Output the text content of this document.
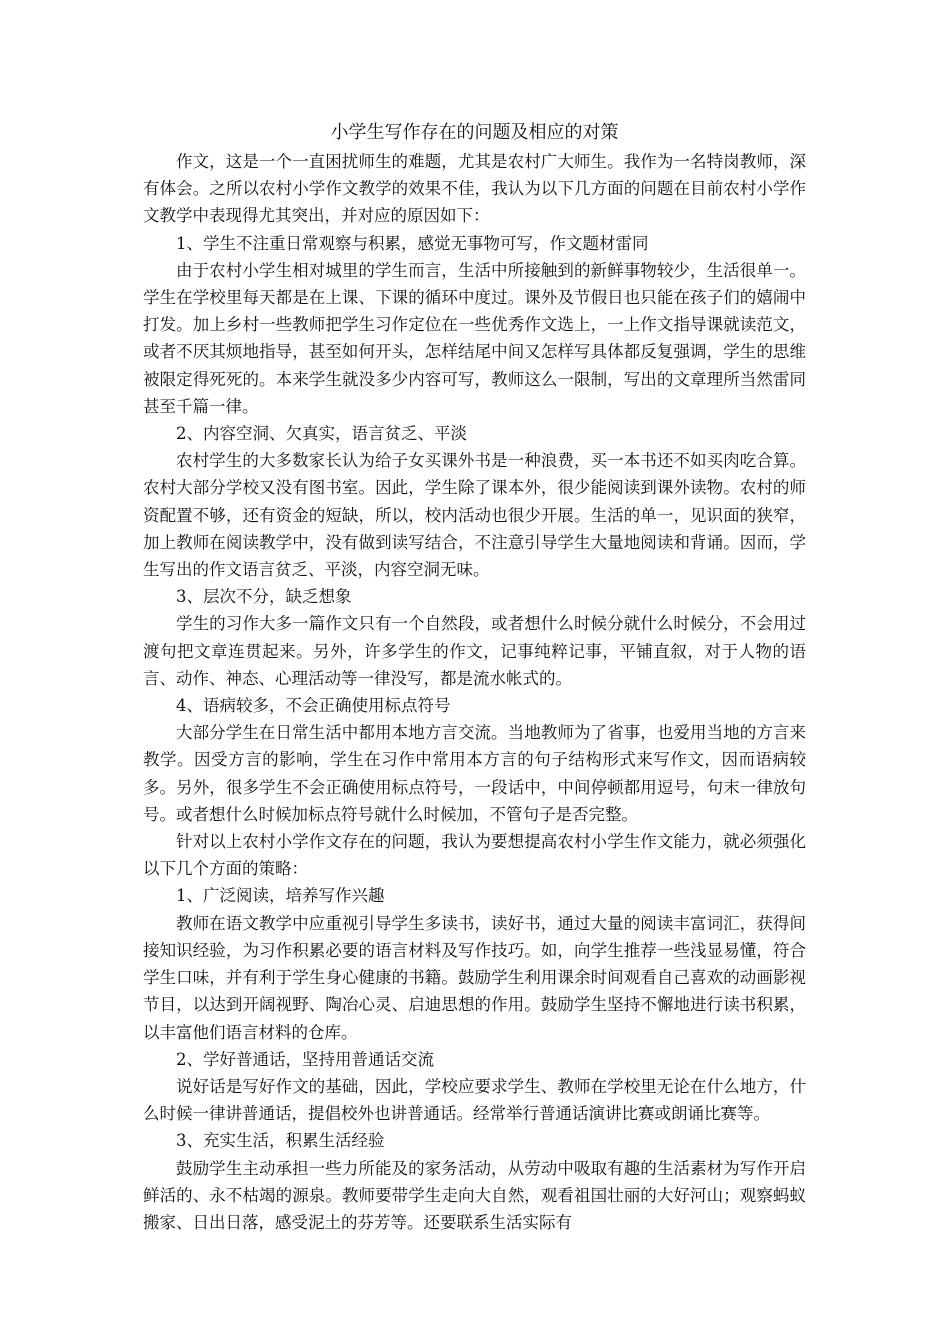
小学生写作存在的问题及相应的对策

作文，这是一个一直困扰师生的难题，尤其是农村广大师生。我作为一名特岗教师，深有体会。之所以农村小学作文教学的效果不佳，我认为以下几方面的问题在目前农村小学作文教学中表现得尤其突出，并对应的原因如下：

1、学生不注重日常观察与积累，感觉无事物可写，作文题材雷同

由于农村小学生相对城里的学生而言，生活中所接触到的新鲜事物较少，生活很单一。学生在学校里每天都是在上课、下课的循环中度过。课外及节假日也只能在孩子们的嬉闹中打发。加上乡村一些教师把学生习作定位在一些优秀作文选上，一上作文指导课就读范文，或者不厌其烦地指导，甚至如何开头，怎样结尾中间又怎样写具体都反复强调，学生的思维被限定得死死的。本来学生就没多少内容可写，教师这么一限制，写出的文章理所当然雷同甚至千篇一律。

2、内容空洞、欠真实，语言贫乏、平淡

农村学生的大多数家长认为给子女买课外书是一种浪费，买一本书还不如买肉吃合算。农村大部分学校又没有图书室。因此，学生除了课本外，很少能阅读到课外读物。农村的师资配置不够，还有资金的短缺，所以，校内活动也很少开展。生活的单一，见识面的狭窄，加上教师在阅读教学中，没有做到读写结合，不注意引导学生大量地阅读和背诵。因而，学生写出的作文语言贫乏、平淡，内容空洞无味。

3、层次不分，缺乏想象

学生的习作大多一篇作文只有一个自然段，或者想什么时候分就什么时候分，不会用过渡句把文章连贯起来。另外，许多学生的作文，记事纯粹记事，平铺直叙，对于人物的语言、动作、神态、心理活动等一律没写，都是流水帐式的。

4、语病较多，不会正确使用标点符号

大部分学生在日常生活中都用本地方言交流。当地教师为了省事，也爱用当地的方言来教学。因受方言的影响，学生在习作中常用本方言的句子结构形式来写作文，因而语病较多。另外，很多学生不会正确使用标点符号，一段话中，中间停顿都用逗号，句末一律放句号。或者想什么时候加标点符号就什么时候加，不管句子是否完整。

针对以上农村小学作文存在的问题，我认为要想提高农村小学生作文能力，就必须强化以下几个方面的策略：

1、广泛阅读，培养写作兴趣

教师在语文教学中应重视引导学生多读书，读好书，通过大量的阅读丰富词汇，获得间接知识经验，为习作积累必要的语言材料及写作技巧。如，向学生推荐一些浅显易懂，符合学生口味，并有利于学生身心健康的书籍。鼓励学生利用课余时间观看自己喜欢的动画影视节目，以达到开阔视野、陶冶心灵、启迪思想的作用。鼓励学生坚持不懈地进行读书积累，以丰富他们语言材料的仓库。

2、学好普通话，坚持用普通话交流

说好话是写好作文的基础，因此，学校应要求学生、教师在学校里无论在什么地方，什么时候一律讲普通话，提倡校外也讲普通话。经常举行普通话演讲比赛或朗诵比赛等。

3、充实生活，积累生活经验

鼓励学生主动承担一些力所能及的家务活动，从劳动中吸取有趣的生活素材为写作开启鲜活的、永不枯竭的源泉。教师要带学生走向大自然，观看祖国壮丽的大好河山；观察蚂蚁搬家、日出日落，感受泥土的芬芳等。还要联系生活实际有
